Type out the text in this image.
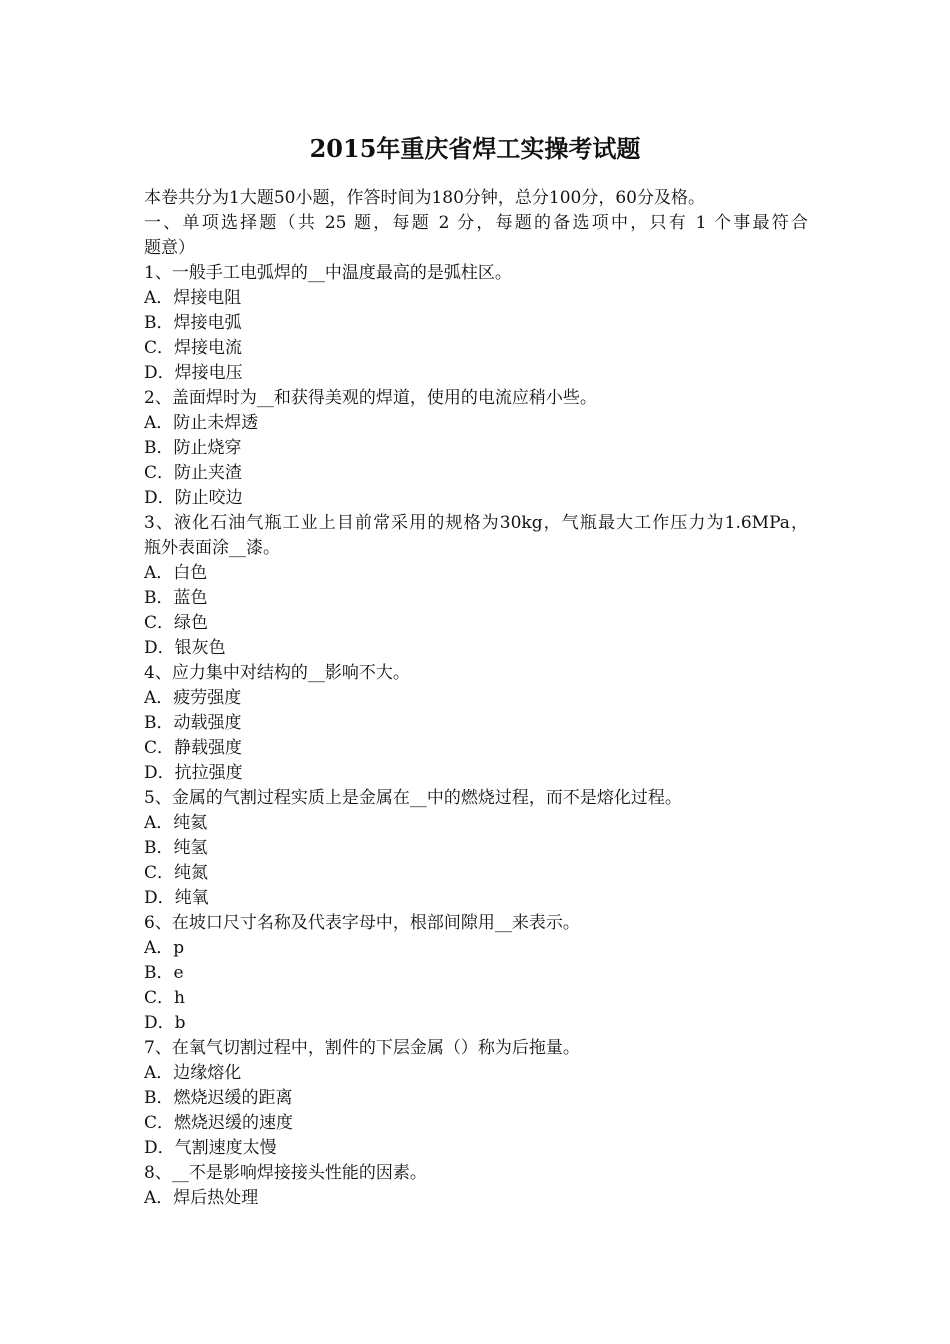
2015年重庆省焊工实操考试题
本卷共分为1大题50小题，作答时间为180分钟，总分100分，60分及格。
一、单项选择题（共 25 题，每题 2 分，每题的备选项中，只有 1 个事最符合
题意）
1、一般手工电弧焊的__中温度最高的是弧柱区。
A．焊接电阻
B．焊接电弧
C．焊接电流
D．焊接电压
2、盖面焊时为__和获得美观的焊道，使用的电流应稍小些。
A．防止未焊透
B．防止烧穿
C．防止夹渣
D．防止咬边
3、液化石油气瓶工业上目前常采用的规格为30kg，气瓶最大工作压力为1.6MPa，
瓶外表面涂__漆。
A．白色
B．蓝色
C．绿色
D．银灰色
4、应力集中对结构的__影响不大。
A．疲劳强度
B．动载强度
C．静载强度
D．抗拉强度
5、金属的气割过程实质上是金属在__中的燃烧过程，而不是熔化过程。
A．纯氦
B．纯氢
C．纯氮
D．纯氧
6、在坡口尺寸名称及代表字母中，根部间隙用__来表示。
A．p
B．e
C．h
D．b
7、在氧气切割过程中，割件的下层金属（）称为后拖量。
A．边缘熔化
B．燃烧迟缓的距离
C．燃烧迟缓的速度
D．气割速度太慢
8、__不是影响焊接接头性能的因素。
A．焊后热处理
